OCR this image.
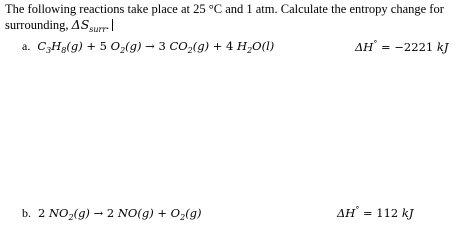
The following reactions take place at 25 °C and 1 atm. Calculate the entropy change for
surrounding, $\Delta S_{surr}$.
a. $C_3H_8(g) + 5$ $O_2(g) \to 3$ $CO_2(g) + 4$ $H_2O(l)$	ΔH° = −2221 kJ
b. 2 $NO_2(g) \to 2$ $NO(g) + O_2(g)$	ΔH° = 112 kJ
